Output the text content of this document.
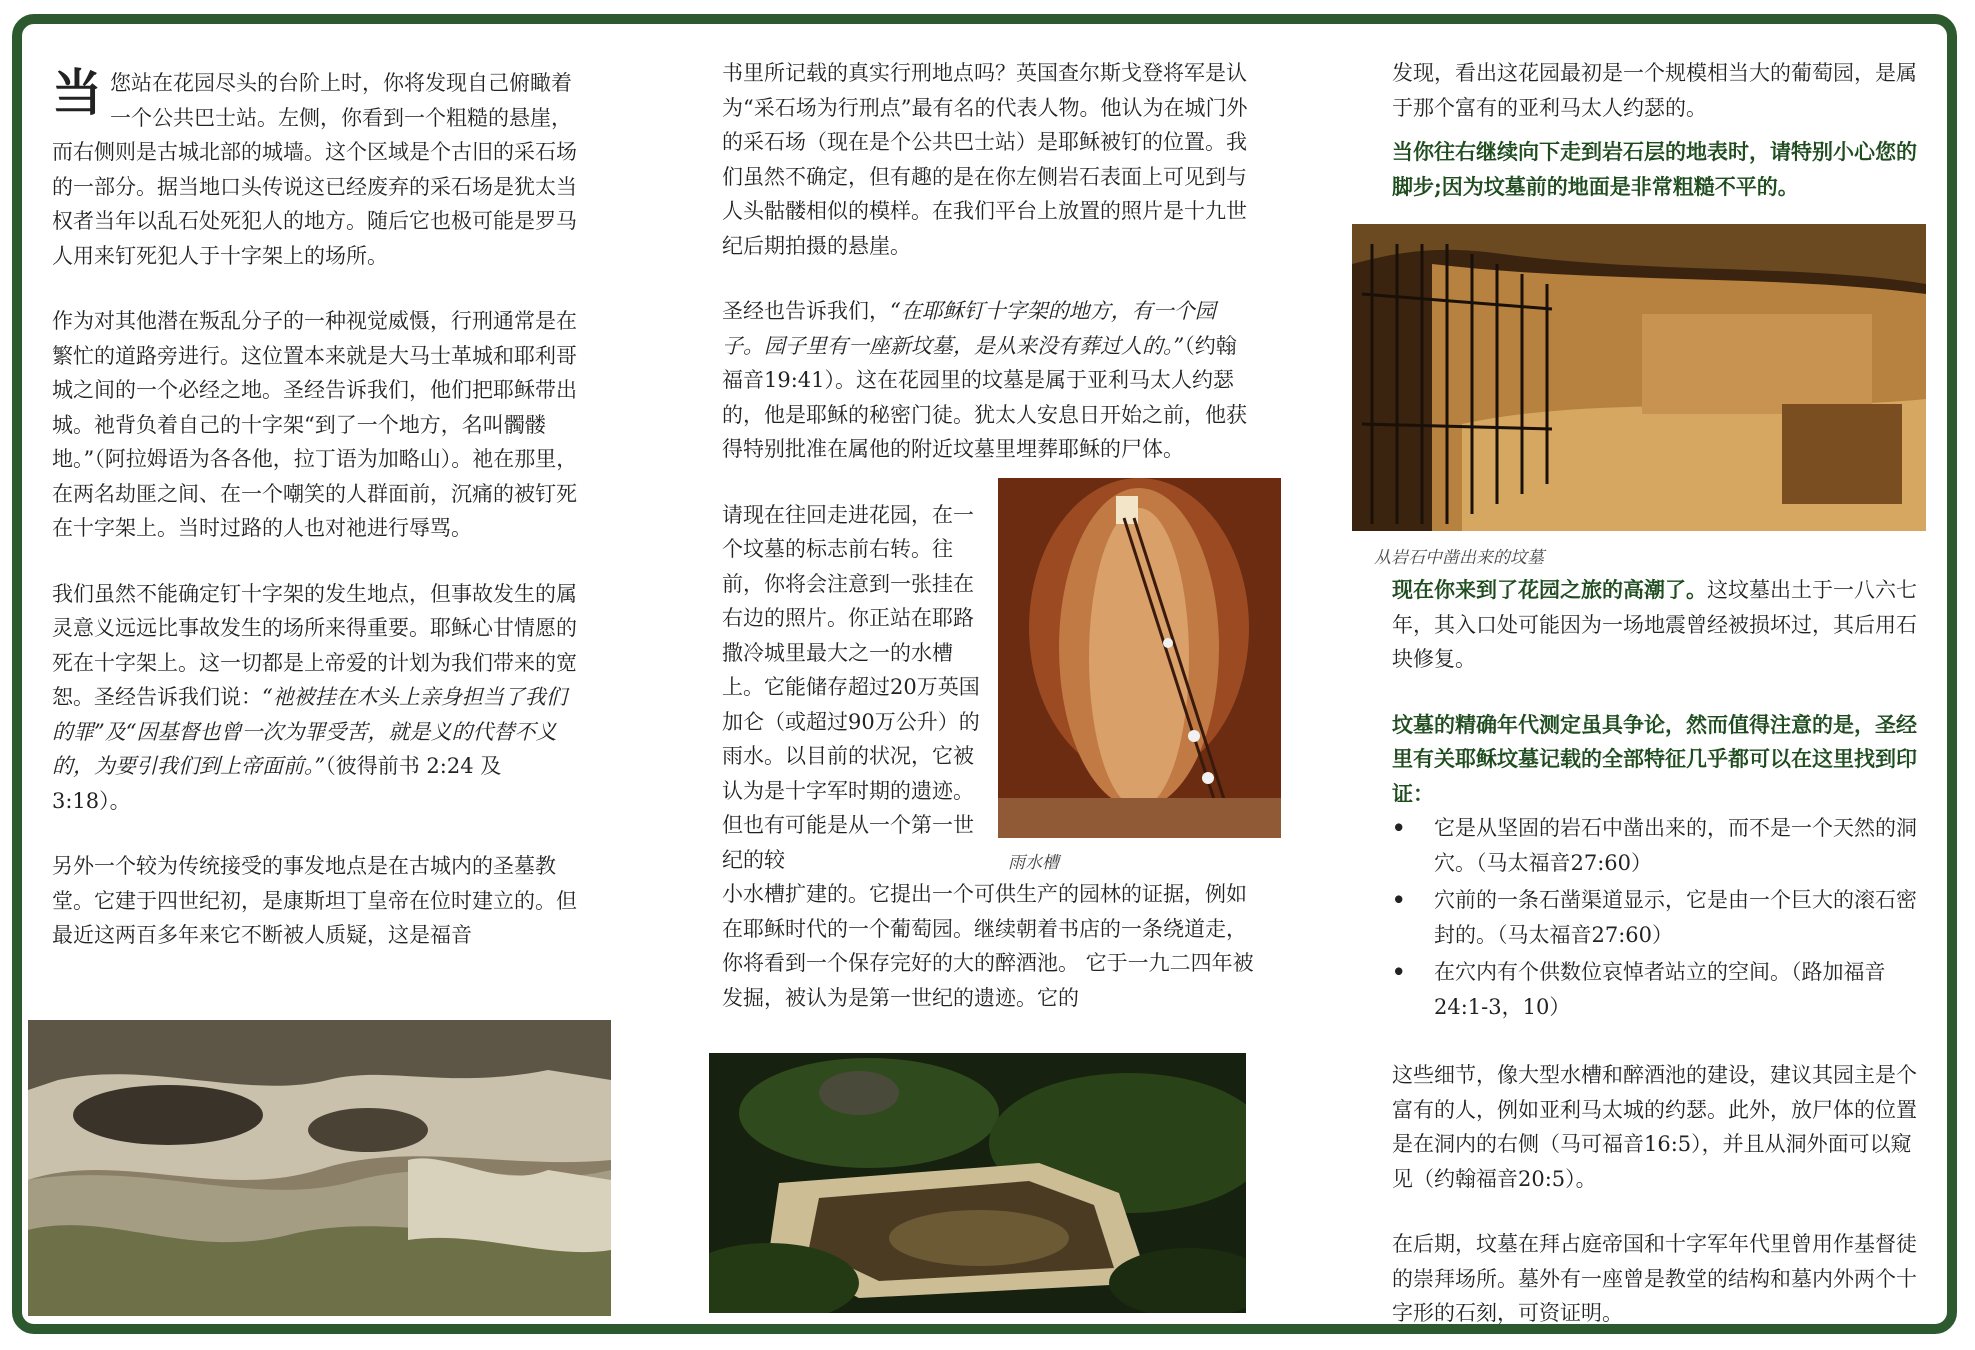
当您站在花园尽头的台阶上时，你将发现自己俯瞰着一个公共巴士站。左侧，你看到一个粗糙的悬崖，而右侧则是古城北部的城墙。这个区域是个古旧的采石场的一部分。据当地口头传说这已经废弃的采石场是犹太当权者当年以乱石处死犯人的地方。随后它也极可能是罗马人用来钉死犯人于十字架上的场所。

作为对其他潜在叛乱分子的一种视觉威慑，行刑通常是在繁忙的道路旁进行。这位置本来就是大马士革城和耶利哥城之间的一个必经之地。圣经告诉我们，他们把耶稣带出城。祂背负着自己的十字架“到了一个地方，名叫髑髅地。”（阿拉姆语为各各他，拉丁语为加略山）。祂在那里，在两名劫匪之间、在一个嘲笑的人群面前，沉痛的被钉死在十字架上。当时过路的人也对祂进行辱骂。

我们虽然不能确定钉十字架的发生地点，但事故发生的属灵意义远远比事故发生的场所来得重要。耶稣心甘情愿的死在十字架上。这一切都是上帝爱的计划为我们带来的宽恕。圣经告诉我们说：“祂被挂在木头上亲身担当了我们的罪”及“因基督也曾一次为罪受苦，就是义的代替不义的，为要引我们到上帝面前。”（彼得前书 2:24 及 3:18）。

另外一个较为传统接受的事发地点是在古城内的圣墓教堂。它建于四世纪初，是康斯坦丁皇帝在位时建立的。但最近这两百多年来它不断被人质疑，这是福音

书里所记载的真实行刑地点吗？英国查尔斯戈登将军是认为“采石场为行刑点”最有名的代表人物。他认为在城门外的采石场（现在是个公共巴士站）是耶稣被钉的位置。我们虽然不确定，但有趣的是在你左侧岩石表面上可见到与人头骷髅相似的模样。在我们平台上放置的照片是十九世纪后期拍摄的悬崖。

圣经也告诉我们，“在耶稣钉十字架的地方，有一个园子。园子里有一座新坟墓，是从来没有葬过人的。”（约翰福音19:41）。这在花园里的坟墓是属于亚利马太人约瑟的，他是耶稣的秘密门徒。犹太人安息日开始之前，他获得特别批准在属他的附近坟墓里埋葬耶稣的尸体。

请现在往回走进花园，在一个坟墓的标志前右转。往前，你将会注意到一张挂在右边的照片。你正站在耶路撒冷城里最大之一的水槽上。它能储存超过20万英国加仑（或超过90万公升）的雨水。以目前的状况，它被认为是十字军时期的遗迹。但也有可能是从一个第一世纪的较

小水槽扩建的。它提出一个可供生产的园林的证据，例如在耶稣时代的一个葡萄园。继续朝着书店的一条绕道走，你将看到一个保存完好的大的醉酒池。 它于一九二四年被发掘，被认为是第一世纪的遗迹。它的

雨水槽

发现，看出这花园最初是一个规模相当大的葡萄园，是属于那个富有的亚利马太人约瑟的。

当你往右继续向下走到岩石层的地表时，请特别小心您的脚步;因为坟墓前的地面是非常粗糙不平的。

从岩石中凿出来的坟墓

现在你来到了花园之旅的高潮了。这坟墓出土于一八六七年，其入口处可能因为一场地震曾经被损坏过，其后用石块修复。

坟墓的精确年代测定虽具争论，然而值得注意的是，圣经里有关耶稣坟墓记载的全部特征几乎都可以在这里找到印证：

• 它是从坚固的岩石中凿出来的，而不是一个天然的洞穴。（马太福音27:60）
• 穴前的一条石凿渠道显示，它是由一个巨大的滚石密封的。（马太福音27:60）
• 在穴内有个供数位哀悼者站立的空间。（路加福音24:1-3，10）

这些细节，像大型水槽和醉酒池的建设，建议其园主是个富有的人，例如亚利马太城的约瑟。此外，放尸体的位置是在洞内的右侧（马可福音16:5），并且从洞外面可以窥见（约翰福音20:5）。

在后期，坟墓在拜占庭帝国和十字军年代里曾用作基督徒的崇拜场所。墓外有一座曾是教堂的结构和墓内外两个十字形的石刻，可资证明。
